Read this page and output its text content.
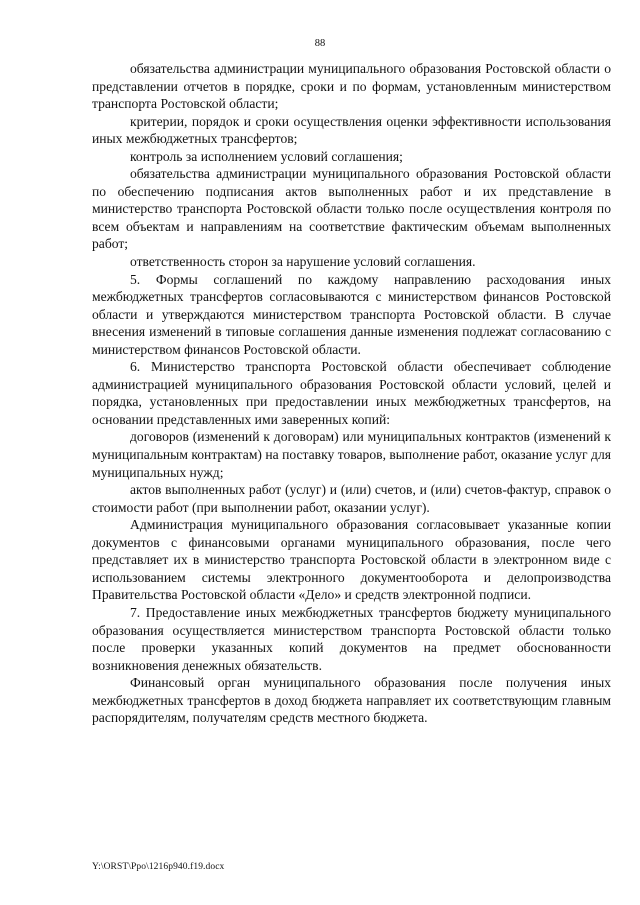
88

обязательства администрации муниципального образования Ростовской области о представлении отчетов в порядке, сроки и по формам, установленным министерством транспорта Ростовской области;

критерии, порядок и сроки осуществления оценки эффективности использования иных межбюджетных трансфертов;

контроль за исполнением условий соглашения;

обязательства администрации муниципального образования Ростовской области по обеспечению подписания актов выполненных работ и их представление в министерство транспорта Ростовской области только после осуществления контроля по всем объектам и направлениям на соответствие фактическим объемам выполненных работ;

ответственность сторон за нарушение условий соглашения.

5. Формы соглашений по каждому направлению расходования иных межбюджетных трансфертов согласовываются с министерством финансов Ростовской области и утверждаются министерством транспорта Ростовской области. В случае внесения изменений в типовые соглашения данные изменения подлежат согласованию с министерством финансов Ростовской области.

6. Министерство транспорта Ростовской области обеспечивает соблюдение администрацией муниципального образования Ростовской области условий, целей и порядка, установленных при предоставлении иных межбюджетных трансфертов, на основании представленных ими заверенных копий:

договоров (изменений к договорам) или муниципальных контрактов (изменений к муниципальным контрактам) на поставку товаров, выполнение работ, оказание услуг для муниципальных нужд;

актов выполненных работ (услуг) и (или) счетов, и (или) счетов-фактур, справок о стоимости работ (при выполнении работ, оказании услуг).

Администрация муниципального образования согласовывает указанные копии документов с финансовыми органами муниципального образования, после чего представляет их в министерство транспорта Ростовской области в электронном виде с использованием системы электронного документооборота и делопроизводства Правительства Ростовской области «Дело» и средств электронной подписи.

7. Предоставление иных межбюджетных трансфертов бюджету муниципального образования осуществляется министерством транспорта Ростовской области только после проверки указанных копий документов на предмет обоснованности возникновения денежных обязательств.

Финансовый орган муниципального образования после получения иных межбюджетных трансфертов в доход бюджета направляет их соответствующим главным распорядителям, получателям средств местного бюджета.

Y:\ORST\Ppo\1216p940.f19.docx
